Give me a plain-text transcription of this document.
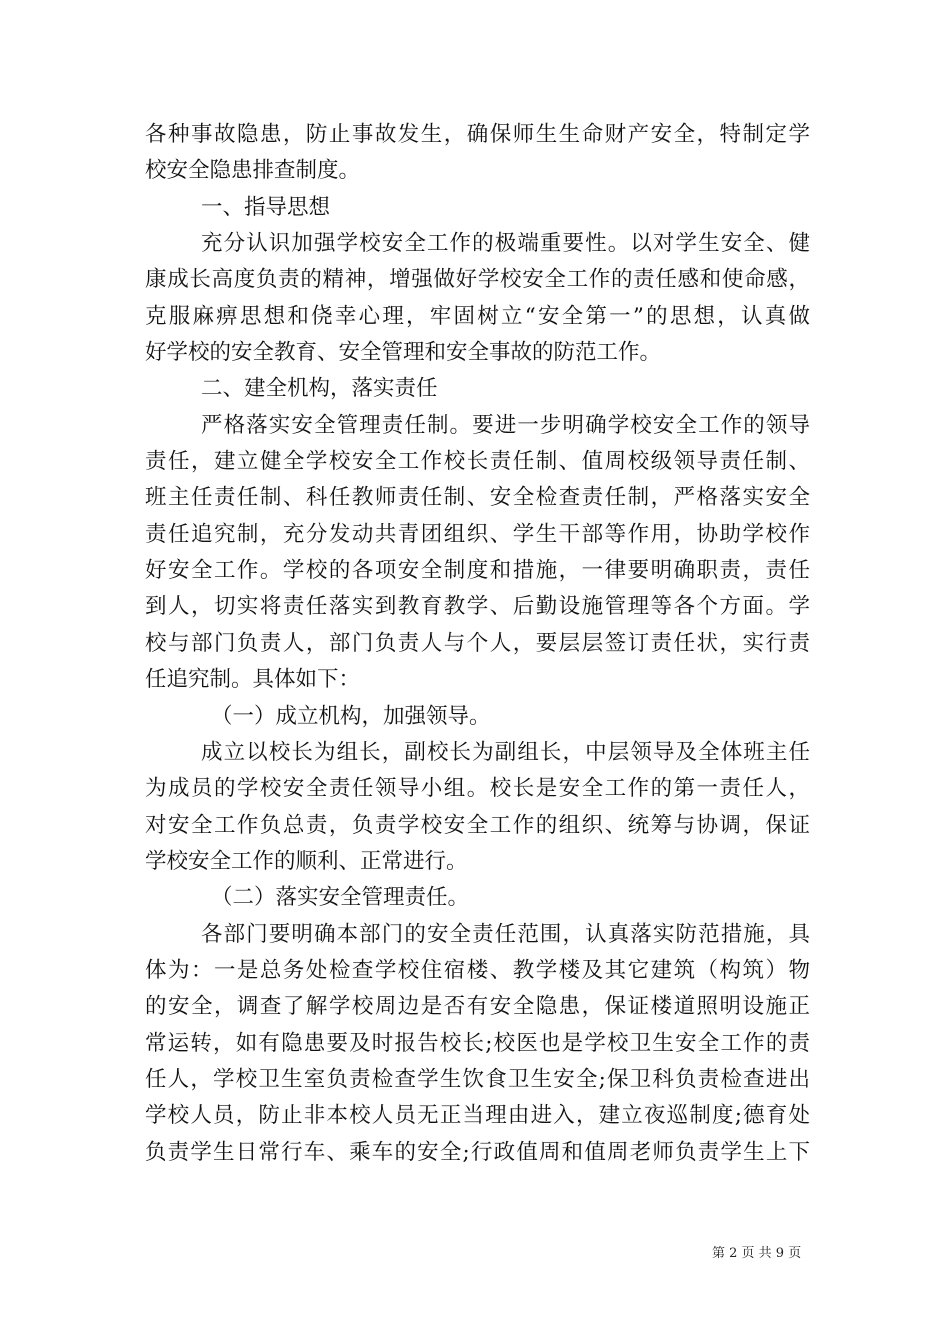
各种事故隐患，防止事故发生，确保师生生命财产安全，特制定学
校安全隐患排查制度。
一、指导思想
充分认识加强学校安全工作的极端重要性。以对学生安全、健
康成长高度负责的精神，增强做好学校安全工作的责任感和使命感，
克服麻痹思想和侥幸心理，牢固树立“安全第一”的思想，认真做
好学校的安全教育、安全管理和安全事故的防范工作。
二、建全机构，落实责任
严格落实安全管理责任制。要进一步明确学校安全工作的领导
责任，建立健全学校安全工作校长责任制、值周校级领导责任制、
班主任责任制、科任教师责任制、安全检查责任制，严格落实安全
责任追究制，充分发动共青团组织、学生干部等作用，协助学校作
好安全工作。学校的各项安全制度和措施，一律要明确职责，责任
到人，切实将责任落实到教育教学、后勤设施管理等各个方面。学
校与部门负责人，部门负责人与个人，要层层签订责任状，实行责
任追究制。具体如下：
（一）成立机构，加强领导。
成立以校长为组长，副校长为副组长，中层领导及全体班主任
为成员的学校安全责任领导小组。校长是安全工作的第一责任人，
对安全工作负总责，负责学校安全工作的组织、统筹与协调，保证
学校安全工作的顺利、正常进行。
（二）落实安全管理责任。
各部门要明确本部门的安全责任范围，认真落实防范措施，具
体为：一是总务处检查学校住宿楼、教学楼及其它建筑（构筑）物
的安全，调查了解学校周边是否有安全隐患，保证楼道照明设施正
常运转，如有隐患要及时报告校长;校医也是学校卫生安全工作的责
任人，学校卫生室负责检查学生饮食卫生安全;保卫科负责检查进出
学校人员，防止非本校人员无正当理由进入，建立夜巡制度;德育处
负责学生日常行车、乘车的安全;行政值周和值周老师负责学生上下
第 2 页 共 9 页
